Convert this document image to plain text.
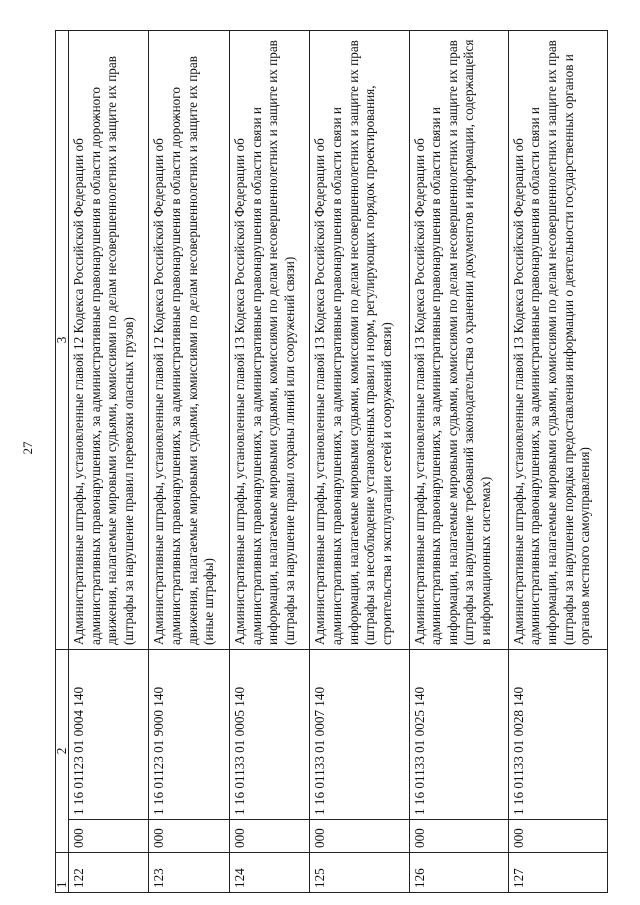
27
1	2		3
122	000	1 16 01123 01 0004 140	Административные штрафы, установленные главой 12 Кодекса Российской Федерации об административных правонарушениях, за административные правонарушения в области дорожного движения, налагаемые мировыми судьями, комиссиями по делам несовершеннолетних и защите их прав (штрафы за нарушение правил перевозки опасных грузов)
123	000	1 16 01123 01 9000 140	Административные штрафы, установленные главой 12 Кодекса Российской Федерации об административных правонарушениях, за административные правонарушения в области дорожного движения, налагаемые мировыми судьями, комиссиями по делам несовершеннолетних и защите их прав (иные штрафы)
124	000	1 16 01133 01 0005 140	Административные штрафы, установленные главой 13 Кодекса Российской Федерации об административных правонарушениях, за административные правонарушения в области связи и информации, налагаемые мировыми судьями, комиссиями по делам несовершеннолетних и защите их прав (штрафы за нарушение правил охраны линий или сооружений связи)
125	000	1 16 01133 01 0007 140	Административные штрафы, установленные главой 13 Кодекса Российской Федерации об административных правонарушениях, за административные правонарушения в области связи и информации, налагаемые мировыми судьями, комиссиями по делам несовершеннолетних и защите их прав (штрафы за несоблюдение установленных правил и норм, регулирующих порядок проектирования, строительства и эксплуатации сетей и сооружений связи)
126	000	1 16 01133 01 0025 140	Административные штрафы, установленные главой 13 Кодекса Российской Федерации об административных правонарушениях, за административные правонарушения в области связи и информации, налагаемые мировыми судьями, комиссиями по делам несовершеннолетних и защите их прав (штрафы за нарушение требований законодательства о хранении документов и информации, содержащейся в информационных системах)
127	000	1 16 01133 01 0028 140	Административные штрафы, установленные главой 13 Кодекса Российской Федерации об административных правонарушениях, за административные правонарушения в области связи и информации, налагаемые мировыми судьями, комиссиями по делам несовершеннолетних и защите их прав (штрафы за нарушение порядка предоставления информации о деятельности государственных органов и органов местного самоуправления)
